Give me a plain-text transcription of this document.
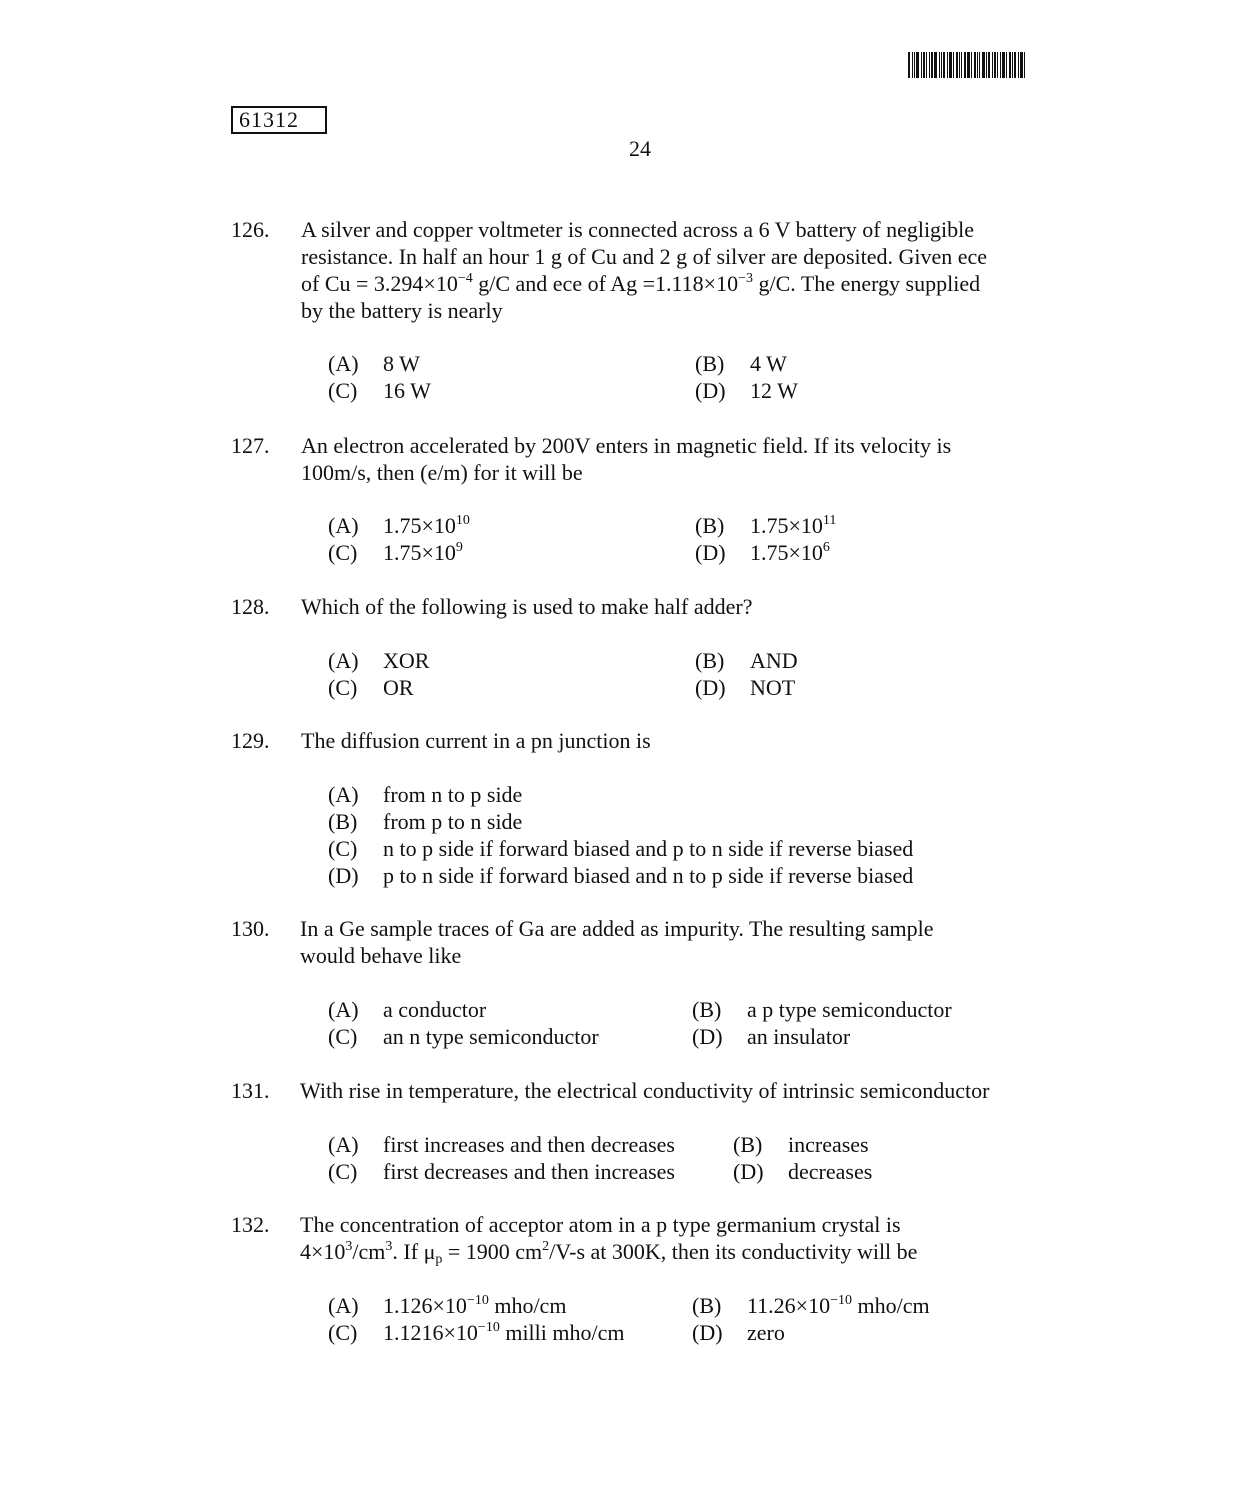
61312
24
126. A silver and copper voltmeter is connected across a 6 V battery of negligible
resistance. In half an hour 1 g of Cu and 2 g of silver are deposited. Given ece
of $Cu = 3.294\times 10^{-4}$ g/C and ece of $Ag =1.118\times 10^{-3}$ g/C. The energy supplied
by the battery is nearly
(A) 8 W	(B) 4 W
(C) 16 W	(D) 12 W
127. An electron accelerated by 200V enters in magnetic field. If its velocity is
100m/s, then (e/m) for it will be
(A) $1.75\times 10^{10}$	(B) $1.75\times 10^{11}$
(C) $1.75\times 10^9$	(D) $1.75\times 10^6$
128. Which of the following is used to make half adder?
(A) XOR	(B) AND
(C) OR	(D) NOT
129. The diffusion current in a pn junction is
(A) from n to p side
(B) from p to n side
(C) n to p side if forward biased and p to n side if reverse biased
(D) p to n side if forward biased and n to p side if reverse biased
130. In a Ge sample traces of Ga are added as impurity. The resulting sample
would behave like
(A) a conductor	(B) a p type semiconductor
(C) an n type semiconductor	(D) an insulator
131. With rise in temperature, the electrical conductivity of intrinsic semiconductor
(A) first increases and then decreases	(B) increases
(C) first decreases and then increases	(D) decreases
132. The concentration of acceptor atom in a p type germanium crystal is
$4\times 10^3/cm^3$. If $\mu_p = 1900$ $cm^2/V-s$ at 300K, then its conductivity will be
(A) $1.126\times 10^{-10}$ mho/cm	(B) $11.26\times 10^{-10}$ mho/cm
(C) $1.1216\times 10^{-10}$ milli mho/cm	(D) zero
